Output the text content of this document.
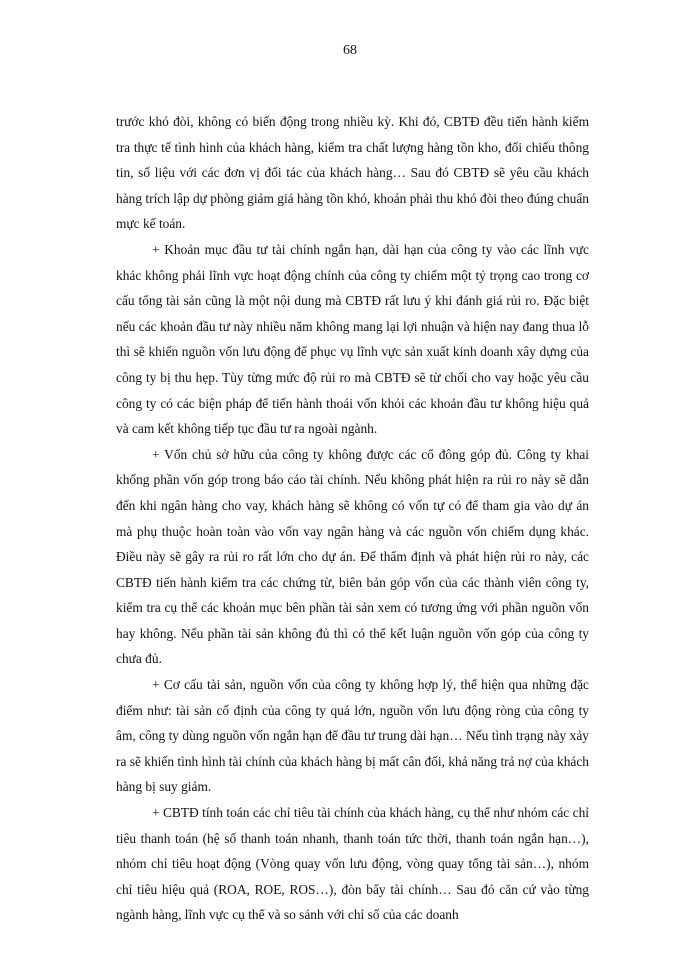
68

trước khó đòi, không có biến động trong nhiều kỳ. Khi đó, CBTĐ đều tiến hành kiểm tra thực tế tình hình của khách hàng, kiểm tra chất lượng hàng tồn kho, đối chiếu thông tin, số liệu với các đơn vị đối tác của khách hàng… Sau đó CBTĐ sẽ yêu cầu khách hàng trích lập dự phòng giảm giá hàng tồn khó, khoản phải thu khó đòi theo đúng chuẩn mực kế toán.

+ Khoản mục đầu tư tài chính ngắn hạn, dài hạn của công ty vào các lĩnh vực khác không phải lĩnh vực hoạt động chính của công ty chiếm một tỷ trọng cao trong cơ cấu tổng tài sản cũng là một nội dung mà CBTĐ rất lưu ý khi đánh giá rủi ro. Đặc biệt nếu các khoản đầu tư này nhiều năm không mang lại lợi nhuận và hiện nay đang thua lỗ thì sẽ khiến nguồn vốn lưu động để phục vụ lĩnh vực sản xuất kinh doanh xây dựng của công ty bị thu hẹp. Tùy từng mức độ rủi ro mà CBTĐ sẽ từ chối cho vay hoặc yêu cầu công ty có các biện pháp để tiến hành thoái vốn khỏi các khoản đầu tư không hiệu quả và cam kết không tiếp tục đầu tư ra ngoài ngành.

+ Vốn chủ sở hữu của công ty không được các cổ đông góp đủ. Công ty khai khống phần vốn góp trong báo cáo tài chính. Nếu không phát hiện ra rủi ro này sẽ dẫn đến khi ngân hàng cho vay, khách hàng sẽ không có vốn tự có để tham gia vào dự án mà phụ thuộc hoàn toàn vào vốn vay ngân hàng và các nguồn vốn chiếm dụng khác. Điều này sẽ gây ra rủi ro rất lớn cho dự án. Để thẩm định và phát hiện rủi ro này, các CBTĐ tiến hành kiểm tra các chứng từ, biên bản góp vốn của các thành viên công ty, kiểm tra cụ thể các khoản mục bên phần tài sản xem có tương ứng với phần nguồn vốn hay không. Nếu phần tài sản không đủ thì có thể kết luận nguồn vốn góp của công ty chưa đủ.

+ Cơ cấu tài sản, nguồn vốn của công ty không hợp lý, thể hiện qua những đặc điểm như: tài sản cố định của công ty quá lớn, nguồn vốn lưu động ròng của công ty âm, công ty dùng nguồn vốn ngắn hạn để đầu tư trung dài hạn… Nếu tình trạng này xảy ra sẽ khiến tình hình tài chính của khách hàng bị mất cân đối, khả năng trả nợ của khách hàng bị suy giảm.

+ CBTĐ tính toán các chỉ tiêu tài chính của khách hàng, cụ thể như nhóm các chỉ tiêu thanh toán (hệ số thanh toán nhanh, thanh toán tức thời, thanh toán ngắn hạn…), nhóm chỉ tiêu hoạt động (Vòng quay vốn lưu động, vòng quay tổng tài sản…), nhóm chỉ tiêu hiệu quả (ROA, ROE, ROS…), đòn bẩy tài chính… Sau đó căn cứ vào từng ngành hàng, lĩnh vực cụ thể và so sánh với chỉ số của các doanh
